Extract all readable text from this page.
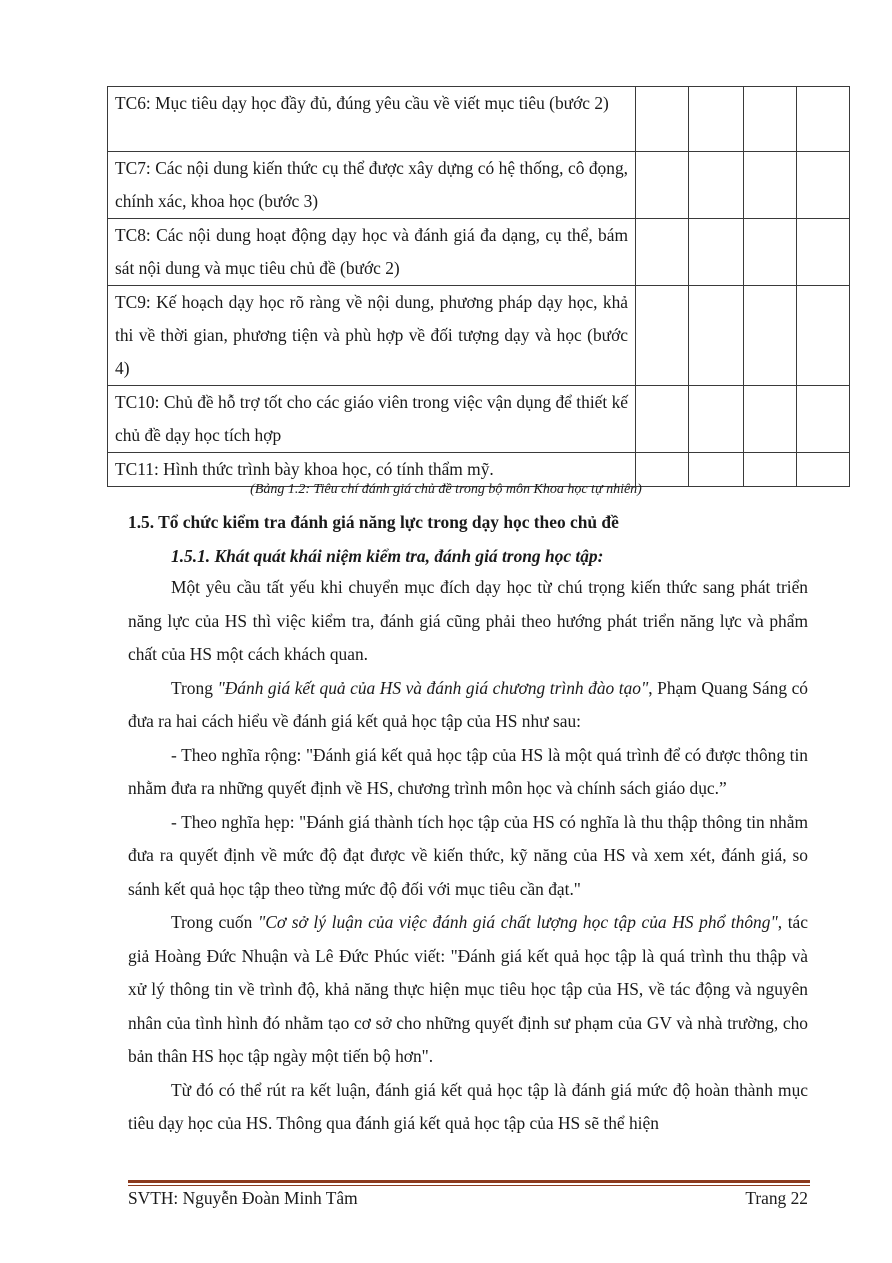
TC6: Mục tiêu dạy học đầy đủ, đúng yêu cầu về viết mục tiêu (bước 2)				
TC7: Các nội dung kiến thức cụ thể được xây dựng có hệ thống, cô đọng, chính xác, khoa học (bước 3)				
TC8: Các nội dung hoạt động dạy học và đánh giá đa dạng, cụ thể, bám sát nội dung và mục tiêu chủ đề (bước 2)				
TC9: Kế hoạch dạy học rõ ràng về nội dung, phương pháp dạy học, khả thi về thời gian, phương tiện và phù hợp về đối tượng dạy và học (bước 4)				
TC10: Chủ đề hỗ trợ tốt cho các giáo viên trong việc vận dụng để thiết kế chủ đề dạy học tích hợp				
TC11: Hình thức trình bày khoa học, có tính thẩm mỹ.				
(Bảng 1.2: Tiêu chí đánh giá chủ đề trong bộ môn Khoa học tự nhiên)
1.5. Tổ chức kiểm tra đánh giá năng lực trong dạy học theo chủ đề
1.5.1. Khát quát khái niệm kiểm tra, đánh giá trong học tập:

Một yêu cầu tất yếu khi chuyển mục đích dạy học từ chú trọng kiến thức sang phát triển năng lực của HS thì việc kiểm tra, đánh giá cũng phải theo hướng phát triển năng lực và phẩm chất của HS một cách khách quan.

Trong "Đánh giá kết quả của HS và đánh giá chương trình đào tạo", Phạm Quang Sáng có đưa ra hai cách hiểu về đánh giá kết quả học tập của HS như sau:

- Theo nghĩa rộng: "Đánh giá kết quả học tập của HS là một quá trình để có được thông tin nhằm đưa ra những quyết định về HS, chương trình môn học và chính sách giáo dục.”

- Theo nghĩa hẹp: "Đánh giá thành tích học tập của HS có nghĩa là thu thập thông tin nhằm đưa ra quyết định về mức độ đạt được về kiến thức, kỹ năng của HS và xem xét, đánh giá, so sánh kết quả học tập theo từng mức độ đối với mục tiêu cần đạt."

Trong cuốn "Cơ sở lý luận của việc đánh giá chất lượng học tập của HS phổ thông", tác giả Hoàng Đức Nhuận và Lê Đức Phúc viết: "Đánh giá kết quả học tập là quá trình thu thập và xử lý thông tin về trình độ, khả năng thực hiện mục tiêu học tập của HS, về tác động và nguyên nhân của tình hình đó nhằm tạo cơ sở cho những quyết định sư phạm của GV và nhà trường, cho bản thân HS học tập ngày một tiến bộ hơn".

Từ đó có thể rút ra kết luận, đánh giá kết quả học tập là đánh giá mức độ hoàn thành mục tiêu dạy học của HS. Thông qua đánh giá kết quả học tập của HS sẽ thể hiện

SVTH: Nguyễn Đoàn Minh Tâm	Trang 22
